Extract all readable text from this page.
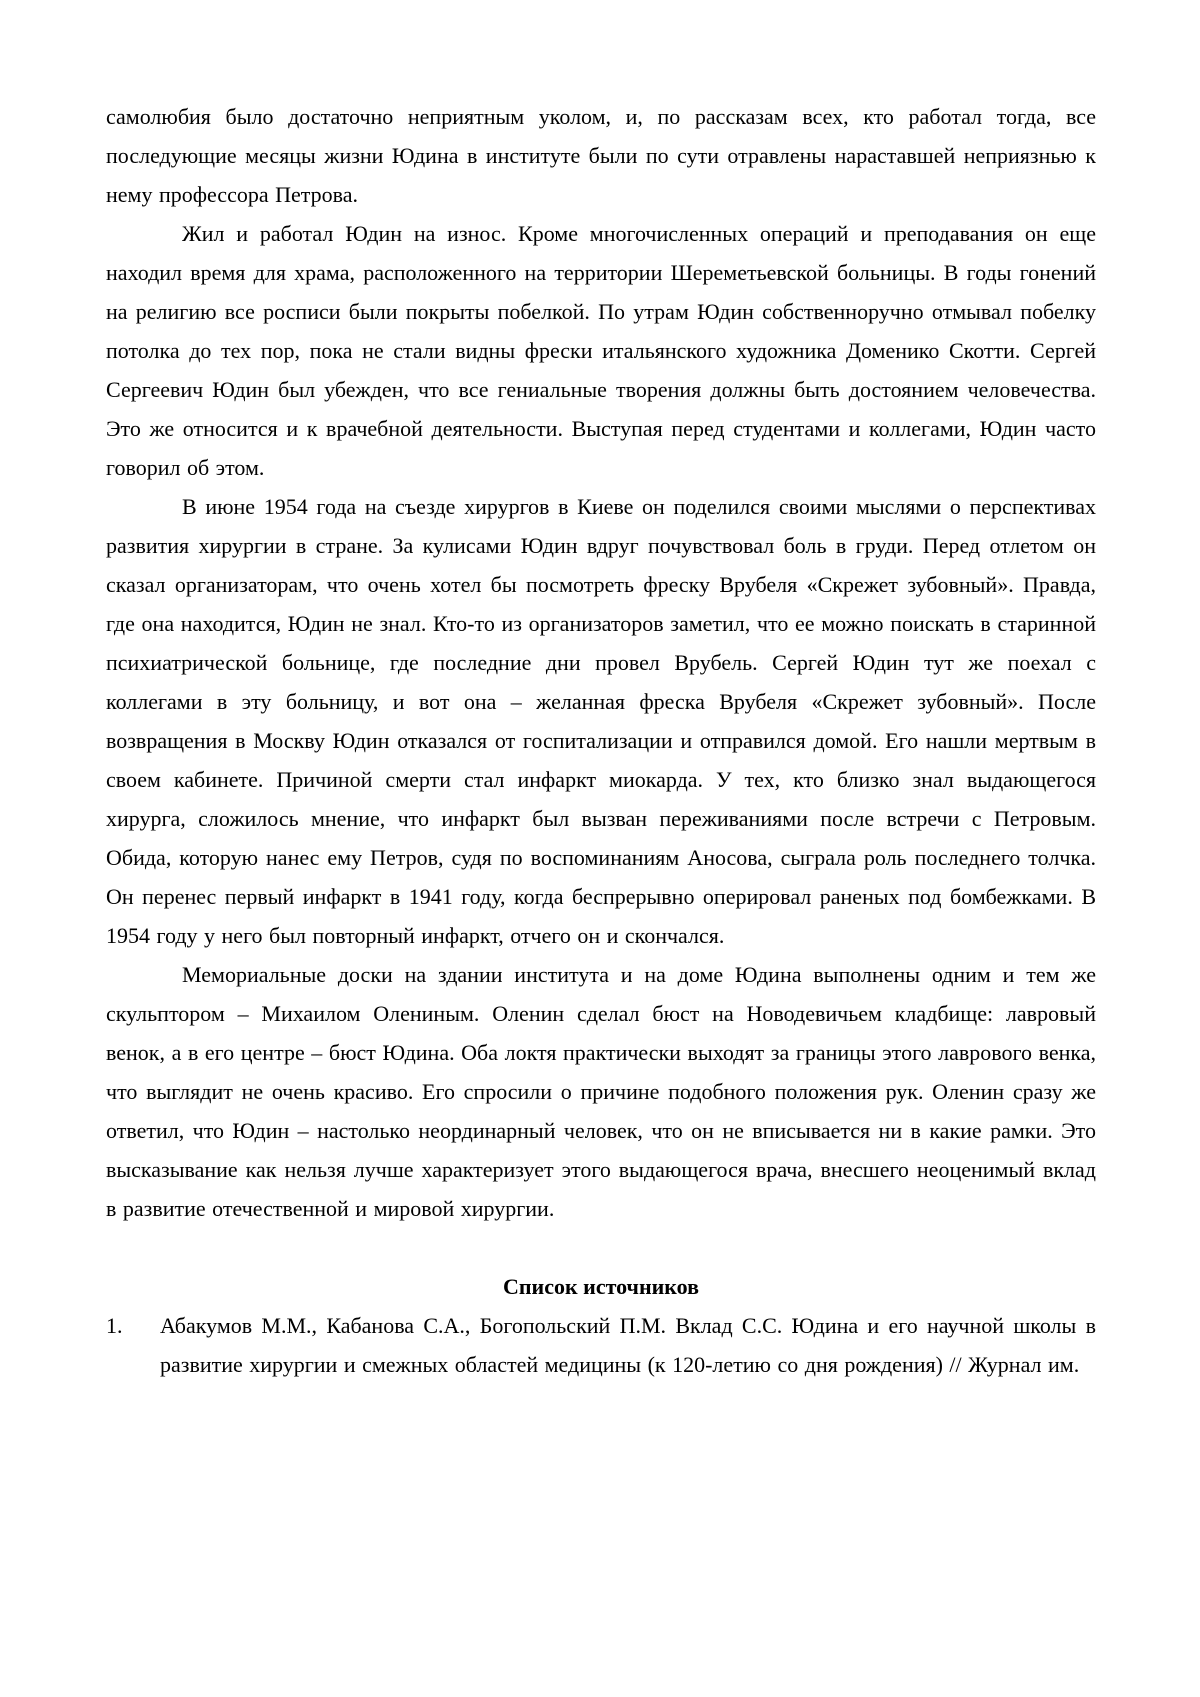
самолюбия было достаточно неприятным уколом, и, по рассказам всех, кто работал тогда, все последующие месяцы жизни Юдина в институте были по сути отравлены нараставшей неприязнью к нему профессора Петрова.

Жил и работал Юдин на износ. Кроме многочисленных операций и преподавания он еще находил время для храма, расположенного на территории Шереметьевской больницы. В годы гонений на религию все росписи были покрыты побелкой. По утрам Юдин собственноручно отмывал побелку потолка до тех пор, пока не стали видны фрески итальянского художника Доменико Скотти. Сергей Сергеевич Юдин был убежден, что все гениальные творения должны быть достоянием человечества. Это же относится и к врачебной деятельности. Выступая перед студентами и коллегами, Юдин часто говорил об этом.

В июне 1954 года на съезде хирургов в Киеве он поделился своими мыслями о перспективах развития хирургии в стране. За кулисами Юдин вдруг почувствовал боль в груди. Перед отлетом он сказал организаторам, что очень хотел бы посмотреть фреску Врубеля «Скрежет зубовный». Правда, где она находится, Юдин не знал. Кто-то из организаторов заметил, что ее можно поискать в старинной психиатрической больнице, где последние дни провел Врубель. Сергей Юдин тут же поехал с коллегами в эту больницу, и вот она – желанная фреска Врубеля «Скрежет зубовный». После возвращения в Москву Юдин отказался от госпитализации и отправился домой. Его нашли мертвым в своем кабинете. Причиной смерти стал инфаркт миокарда. У тех, кто близко знал выдающегося хирурга, сложилось мнение, что инфаркт был вызван переживаниями после встречи с Петровым. Обида, которую нанес ему Петров, судя по воспоминаниям Аносова, сыграла роль последнего толчка. Он перенес первый инфаркт в 1941 году, когда беспрерывно оперировал раненых под бомбежками. В 1954 году у него был повторный инфаркт, отчего он и скончался.

Мемориальные доски на здании института и на доме Юдина выполнены одним и тем же скульптором – Михаилом Олениным. Оленин сделал бюст на Новодевичьем кладбище: лавровый венок, а в его центре – бюст Юдина. Оба локтя практически выходят за границы этого лаврового венка, что выглядит не очень красиво. Его спросили о причине подобного положения рук. Оленин сразу же ответил, что Юдин – настолько неординарный человек, что он не вписывается ни в какие рамки. Это высказывание как нельзя лучше характеризует этого выдающегося врача, внесшего неоценимый вклад в развитие отечественной и мировой хирургии.

Список источников
1.	Абакумов М.М., Кабанова С.А., Богопольский П.М. Вклад С.С. Юдина и его научной школы в развитие хирургии и смежных областей медицины (к 120-летию со дня рождения) // Журнал им.
